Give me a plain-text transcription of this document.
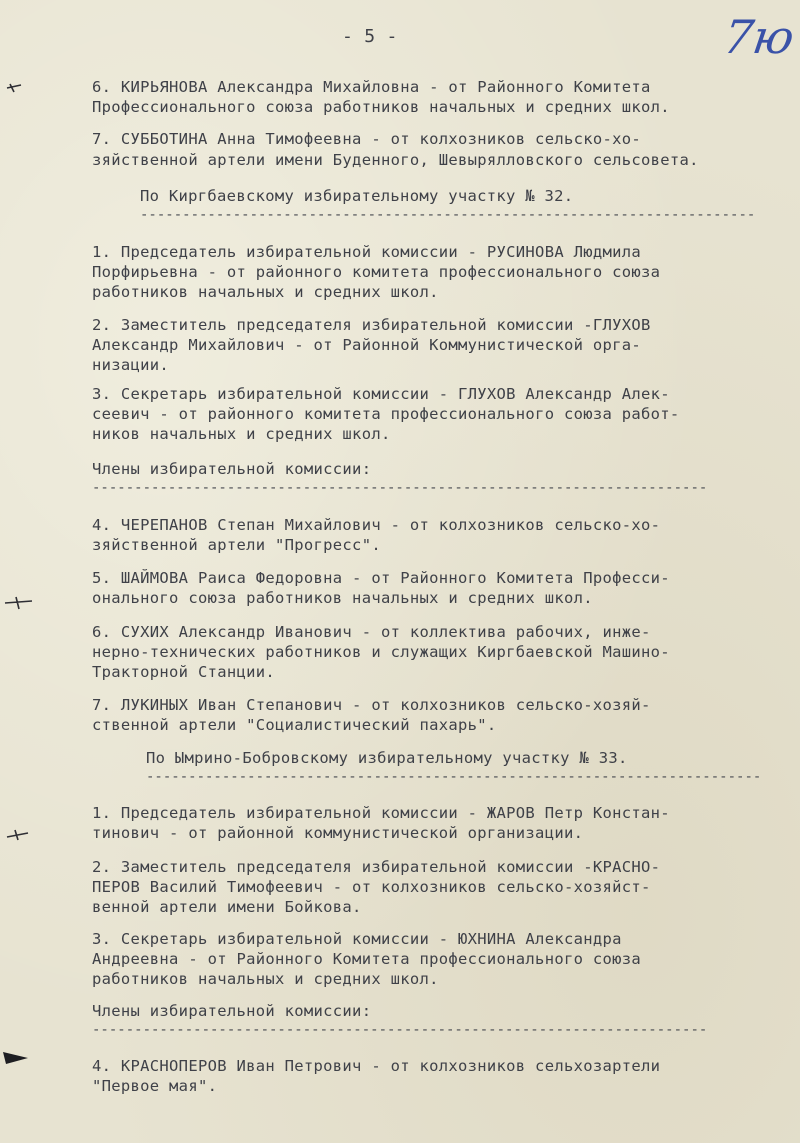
- 5 -	7ю
6. КИРЬЯНОВА Александра Михайловна - от Районного Комитета
Профессионального союза работников начальных и средних школ.
7. СУББОТИНА Анна Тимофеевна - от колхозников сельско-хо-
зяйственной артели имени Буденного, Шевырялловского сельсовета.
По Киргбаевскому избирательному участку № 32.
-------------------------------------------------------------------------
1. Председатель избирательной комиссии - РУСИНОВА Людмила
Порфирьевна - от районного комитета профессионального союза
работников начальных и средних школ.
2. Заместитель председателя избирательной комиссии -ГЛУХОВ
Александр Михайлович - от Районной Коммунистической орга-
низации.
3. Секретарь избирательной комиссии - ГЛУХОВ Александр Алек-
сеевич - от районного комитета профессионального союза работ-
ников начальных и средних школ.
Члены избирательной комиссии:
-------------------------------------------------------------------------
4. ЧЕРЕПАНОВ Степан Михайлович - от колхозников сельско-хо-
зяйственной артели "Прогресс".
5. ШАЙМОВА Раиса Федоровна - от Районного Комитета Професси-
онального союза работников начальных и средних школ.
6. СУХИХ Александр Иванович - от коллектива рабочих, инже-
нерно-технических работников и служащих Киргбаевской Машино-
Тракторной Станции.
7. ЛУКИНЫХ Иван Степанович - от колхозников сельско-хозяй-
ственной артели "Социалистический пахарь".
По Ымрино-Бобровскому избирательному участку № 33.
-------------------------------------------------------------------------
1. Председатель избирательной комиссии - ЖАРОВ Петр Констан-
тинович - от районной коммунистической организации.
2. Заместитель председателя избирательной комиссии -КРАСНО-
ПЕРОВ Василий Тимофеевич - от колхозников сельско-хозяйст-
венной артели имени Бойкова.
3. Секретарь избирательной комиссии - ЮХНИНА Александра
Андреевна - от Районного Комитета профессионального союза
работников начальных и средних школ.
Члены избирательной комиссии:
-------------------------------------------------------------------------
4. КРАСНОПЕРОВ Иван Петрович - от колхозников сельхозартели
"Первое мая".
